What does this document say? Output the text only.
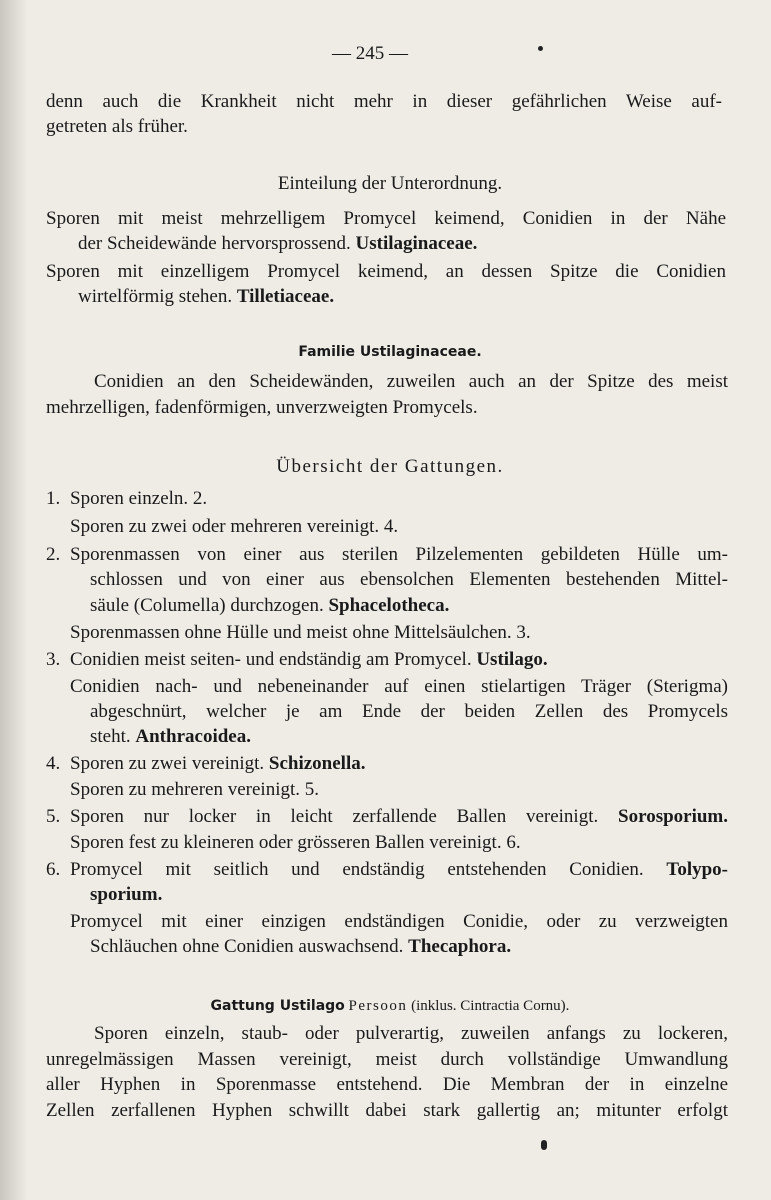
— 245 —
denn auch die Krankheit nicht mehr in dieser gefährlichen Weise auf-
getreten als früher.
Einteilung der Unterordnung.
Sporen mit meist mehrzelligem Promycel keimend, Conidien in der Nähe
der Scheidewände hervorsprossend. Ustilaginaceae.
Sporen mit einzelligem Promycel keimend, an dessen Spitze die Conidien
wirtelförmig stehen. Tilletiaceae.
Familie Ustilaginaceae.
Conidien an den Scheidewänden, zuweilen auch an der Spitze des meist
mehrzelligen, fadenförmigen, unverzweigten Promycels.
Übersicht der Gattungen.
1. Sporen einzeln. 2.
Sporen zu zwei oder mehreren vereinigt. 4.
2. Sporenmassen von einer aus sterilen Pilzelementen gebildeten Hülle um-
schlossen und von einer aus ebensolchen Elementen bestehenden Mittel-
säule (Columella) durchzogen. Sphacelotheca.
Sporenmassen ohne Hülle und meist ohne Mittelsäulchen. 3.
3. Conidien meist seiten- und endständig am Promycel. Ustilago.
Conidien nach- und nebeneinander auf einen stielartigen Träger (Sterigma)
abgeschnürt, welcher je am Ende der beiden Zellen des Promycels
steht. Anthracoidea.
4. Sporen zu zwei vereinigt. Schizonella.
Sporen zu mehreren vereinigt. 5.
5. Sporen nur locker in leicht zerfallende Ballen vereinigt. Sorosporium.
Sporen fest zu kleineren oder grösseren Ballen vereinigt. 6.
6. Promycel mit seitlich und endständig entstehenden Conidien. Tolypo-
sporium.
Promycel mit einer einzigen endständigen Conidie, oder zu verzweigten
Schläuchen ohne Conidien auswachsend. Thecaphora.
Gattung Ustilago Persoon (inklus. Cintractia Cornu).
Sporen einzeln, staub- oder pulverartig, zuweilen anfangs zu lockeren,
unregelmässigen Massen vereinigt, meist durch vollständige Umwandlung
aller Hyphen in Sporenmasse entstehend. Die Membran der in einzelne
Zellen zerfallenen Hyphen schwillt dabei stark gallertig an; mitunter erfolgt
